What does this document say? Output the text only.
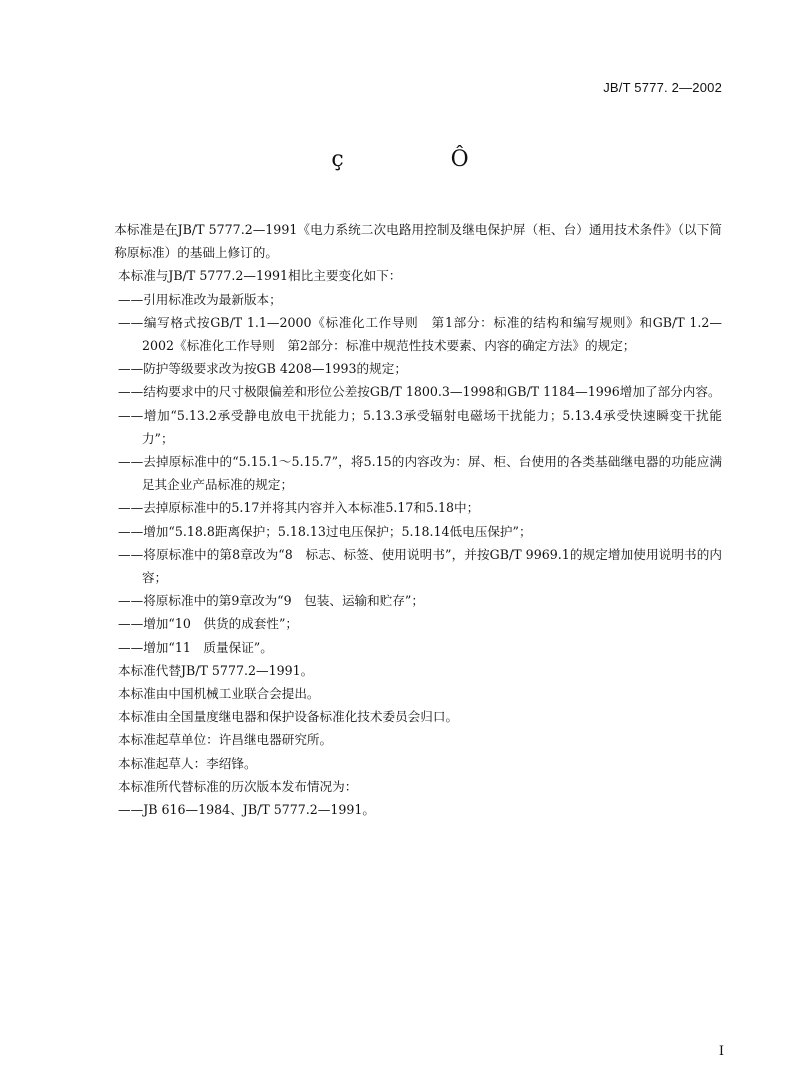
JB/T 5777. 2—2002
ç Ô

本标准是在JB/T 5777.2—1991《电力系统二次电路用控制及继电保护屏（柜、台）通用技术条件》（以下简称原标准）的基础上修订的。

本标准与JB/T 5777.2—1991相比主要变化如下：

——引用标准改为最新版本；

——编写格式按GB/T 1.1—2000《标准化工作导则　第1部分：标准的结构和编写规则》和GB/T 1.2—2002《标准化工作导则　第2部分：标准中规范性技术要素、内容的确定方法》的规定；

——防护等级要求改为按GB 4208—1993的规定；

——结构要求中的尺寸极限偏差和形位公差按GB/T 1800.3—1998和GB/T 1184—1996增加了部分内容。

——增加“5.13.2承受静电放电干扰能力；5.13.3承受辐射电磁场干扰能力；5.13.4承受快速瞬变干扰能力”；

——去掉原标准中的“5.15.1～5.15.7”，将5.15的内容改为：屏、柜、台使用的各类基础继电器的功能应满足其企业产品标准的规定；

——去掉原标准中的5.17并将其内容并入本标准5.17和5.18中；

——增加“5.18.8距离保护；5.18.13过电压保护；5.18.14低电压保护”；

——将原标准中的第8章改为“8　标志、标签、使用说明书”，并按GB/T 9969.1的规定增加使用说明书的内容；

——将原标准中的第9章改为“9　包装、运输和贮存”；

——增加“10　供货的成套性”；

——增加“11　质量保证”。

本标准代替JB/T 5777.2—1991。

本标准由中国机械工业联合会提出。

本标准由全国量度继电器和保护设备标准化技术委员会归口。

本标准起草单位：许昌继电器研究所。

本标准起草人：李绍锋。

本标准所代替标准的历次版本发布情况为：

——JB 616—1984、JB/T 5777.2—1991。

I
